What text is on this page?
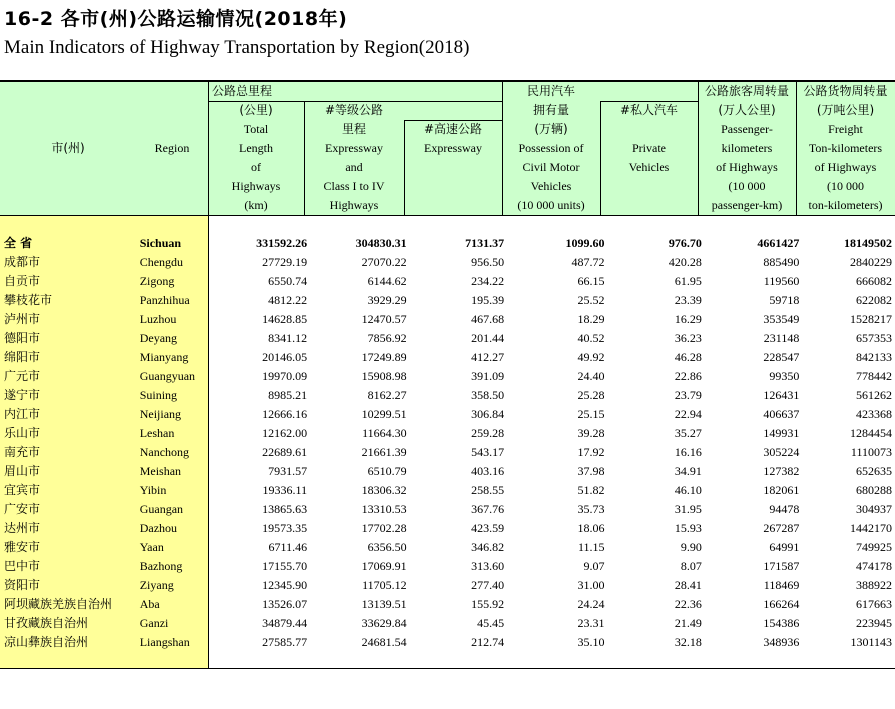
16-2 各市(州)公路运输情况(2018年)
Main Indicators of Highway Transportation by Region(2018)
市(州)	Region
公路总里程
(公里)
Total
Length
of
Highways
(km)
#等级公路
里程
Expressway
and
Class I to IV
Highways
#高速公路
Expressway
民用汽车
拥有量
(万辆)
Possession of
Civil Motor
Vehicles
(10 000 units)
#私人汽车
Private
Vehicles
公路旅客周转量
(万人公里)
Passenger-
kilometers
of Highways
(10 000
passenger-km)
公路货物周转量
(万吨公里)
Freight
Ton-kilometers
of Highways
(10 000
ton-kilometers)
全 省	Sichuan	331592.26	304830.31	7131.37	1099.60	976.70	4661427	18149502
成都市	Chengdu	27729.19	27070.22	956.50	487.72	420.28	885490	2840229
自贡市	Zigong	6550.74	6144.62	234.22	66.15	61.95	119560	666082
攀枝花市	Panzhihua	4812.22	3929.29	195.39	25.52	23.39	59718	622082
泸州市	Luzhou	14628.85	12470.57	467.68	18.29	16.29	353549	1528217
德阳市	Deyang	8341.12	7856.92	201.44	40.52	36.23	231148	657353
绵阳市	Mianyang	20146.05	17249.89	412.27	49.92	46.28	228547	842133
广元市	Guangyuan	19970.09	15908.98	391.09	24.40	22.86	99350	778442
遂宁市	Suining	8985.21	8162.27	358.50	25.28	23.79	126431	561262
内江市	Neijiang	12666.16	10299.51	306.84	25.15	22.94	406637	423368
乐山市	Leshan	12162.00	11664.30	259.28	39.28	35.27	149931	1284454
南充市	Nanchong	22689.61	21661.39	543.17	17.92	16.16	305224	1110073
眉山市	Meishan	7931.57	6510.79	403.16	37.98	34.91	127382	652635
宜宾市	Yibin	19336.11	18306.32	258.55	51.82	46.10	182061	680288
广安市	Guangan	13865.63	13310.53	367.76	35.73	31.95	94478	304937
达州市	Dazhou	19573.35	17702.28	423.59	18.06	15.93	267287	1442170
雅安市	Yaan	6711.46	6356.50	346.82	11.15	9.90	64991	749925
巴中市	Bazhong	17155.70	17069.91	313.60	9.07	8.07	171587	474178
资阳市	Ziyang	12345.90	11705.12	277.40	31.00	28.41	118469	388922
阿坝藏族羌族自治州	Aba	13526.07	13139.51	155.92	24.24	22.36	166264	617663
甘孜藏族自治州	Ganzi	34879.44	33629.84	45.45	23.31	21.49	154386	223945
凉山彝族自治州	Liangshan	27585.77	24681.54	212.74	35.10	32.18	348936	1301143
